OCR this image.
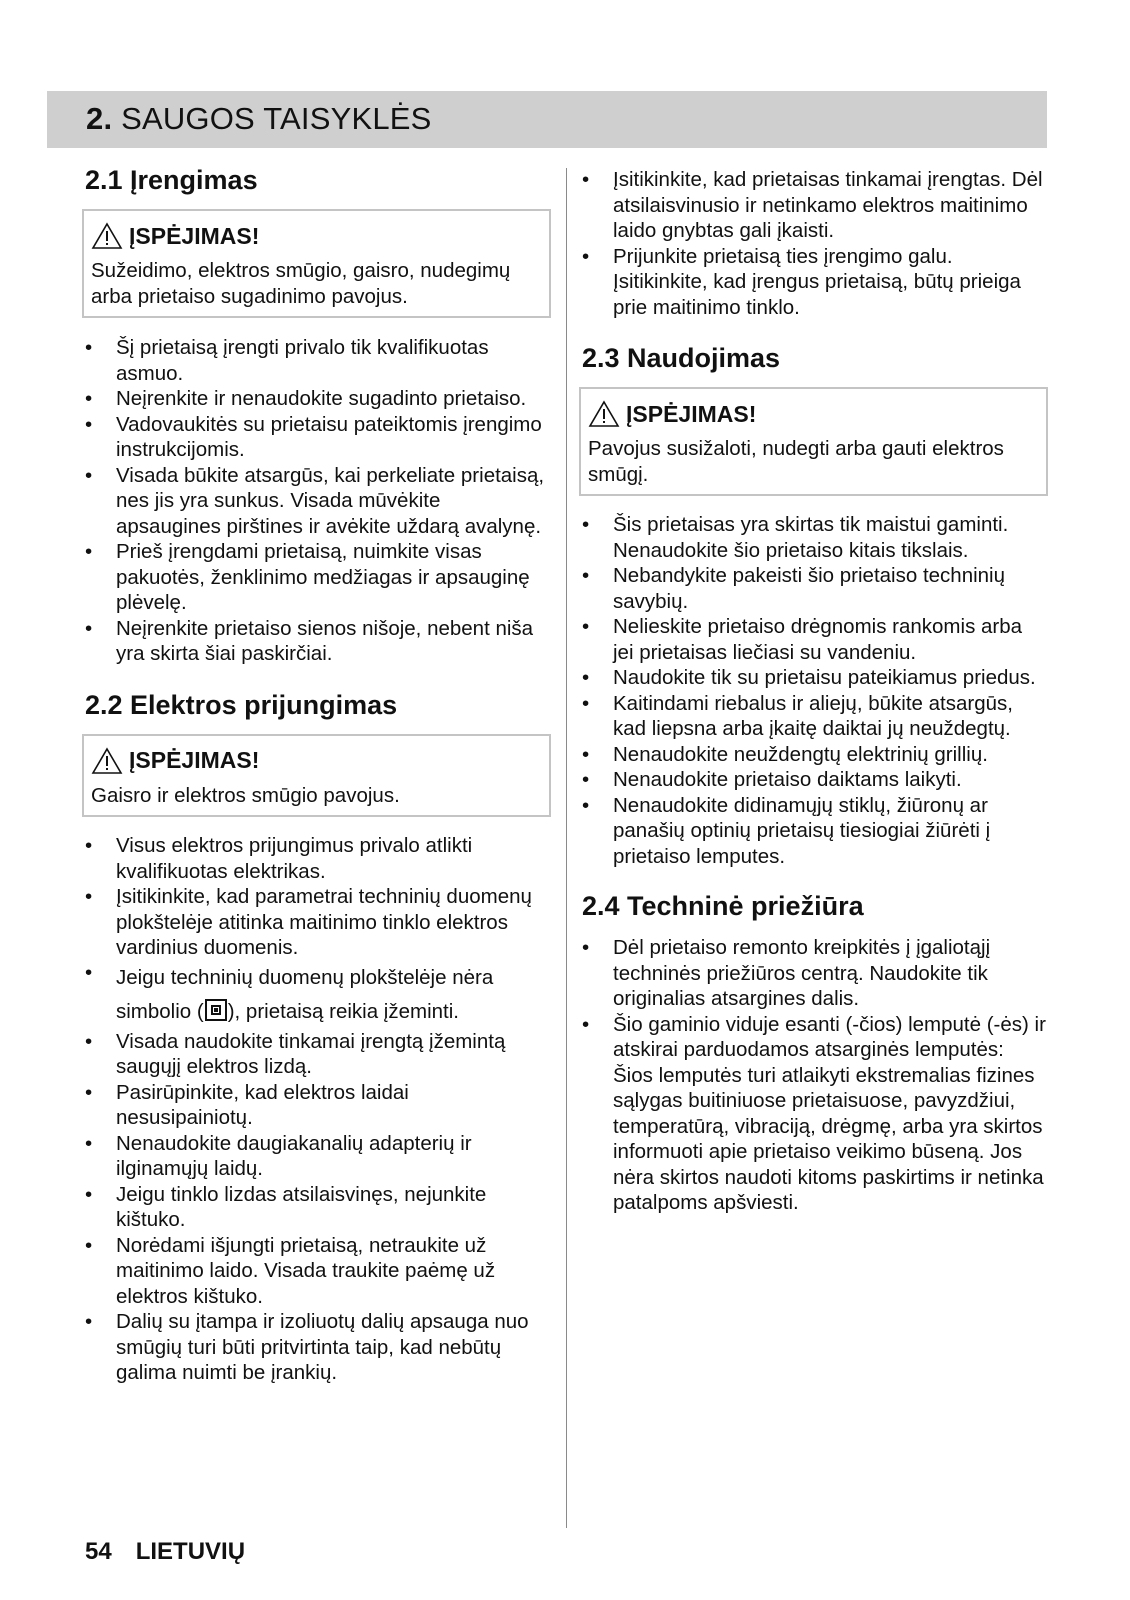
2. SAUGOS TAISYKLĖS
2.1 Įrengimas
ĮSPĖJIMAS!
Sužeidimo, elektros smūgio, gaisro, nudegimų arba prietaiso sugadinimo pavojus.
• Šį prietaisą įrengti privalo tik kvalifikuotas asmuo.
• Neįrenkite ir nenaudokite sugadinto prietaiso.
• Vadovaukitės su prietaisu pateiktomis įrengimo instrukcijomis.
• Visada būkite atsargūs, kai perkeliate prietaisą, nes jis yra sunkus. Visada mūvėkite apsaugines pirštines ir avėkite uždarą avalynę.
• Prieš įrengdami prietaisą, nuimkite visas pakuotės, ženklinimo medžiagas ir apsauginę plėvelę.
• Neįrenkite prietaiso sienos nišoje, nebent niša yra skirta šiai paskirčiai.
2.2 Elektros prijungimas
ĮSPĖJIMAS!
Gaisro ir elektros smūgio pavojus.
• Visus elektros prijungimus privalo atlikti kvalifikuotas elektrikas.
• Įsitikinkite, kad parametrai techninių duomenų plokštelėje atitinka maitinimo tinklo elektros vardinius duomenis.
• Jeigu techninių duomenų plokštelėje nėra simbolio ( ), prietaisą reikia įžeminti.
• Visada naudokite tinkamai įrengtą įžemintą saugųjį elektros lizdą.
• Pasirūpinkite, kad elektros laidai nesusipainiotų.
• Nenaudokite daugiakanalių adapterių ir ilginamųjų laidų.
• Jeigu tinklo lizdas atsilaisvinęs, nejunkite kištuko.
• Norėdami išjungti prietaisą, netraukite už maitinimo laido. Visada traukite paėmę už elektros kištuko.
• Dalių su įtampa ir izoliuotų dalių apsauga nuo smūgių turi būti pritvirtinta taip, kad nebūtų galima nuimti be įrankių.
• Įsitikinkite, kad prietaisas tinkamai įrengtas. Dėl atsilaisvinusio ir netinkamo elektros maitinimo laido gnybtas gali įkaisti.
• Prijunkite prietaisą ties įrengimo galu. Įsitikinkite, kad įrengus prietaisą, būtų prieiga prie maitinimo tinklo.
2.3 Naudojimas
ĮSPĖJIMAS!
Pavojus susižaloti, nudegti arba gauti elektros smūgį.
• Šis prietaisas yra skirtas tik maistui gaminti. Nenaudokite šio prietaiso kitais tikslais.
• Nebandykite pakeisti šio prietaiso techninių savybių.
• Nelieskite prietaiso drėgnomis rankomis arba jei prietaisas liečiasi su vandeniu.
• Naudokite tik su prietaisu pateikiamus priedus.
• Kaitindami riebalus ir aliejų, būkite atsargūs, kad liepsna arba įkaitę daiktai jų neuždegtų.
• Nenaudokite neuždengtų elektrinių grillių.
• Nenaudokite prietaiso daiktams laikyti.
• Nenaudokite didinamųjų stiklų, žiūronų ar panašių optinių prietaisų tiesiogiai žiūrėti į prietaiso lemputes.
2.4 Techninė priežiūra
• Dėl prietaiso remonto kreipkitės į įgaliotąjį techninės priežiūros centrą. Naudokite tik originalias atsargines dalis.
• Šio gaminio viduje esanti (-čios) lemputė (-ės) ir atskirai parduodamos atsarginės lemputės: Šios lemputės turi atlaikyti ekstremalias fizines sąlygas buitiniuose prietaisuose, pavyzdžiui, temperatūrą, vibraciją, drėgmę, arba yra skirtos informuoti apie prietaiso veikimo būseną. Jos nėra skirtos naudoti kitoms paskirtims ir netinka patalpoms apšviesti.
54 LIETUVIŲ
